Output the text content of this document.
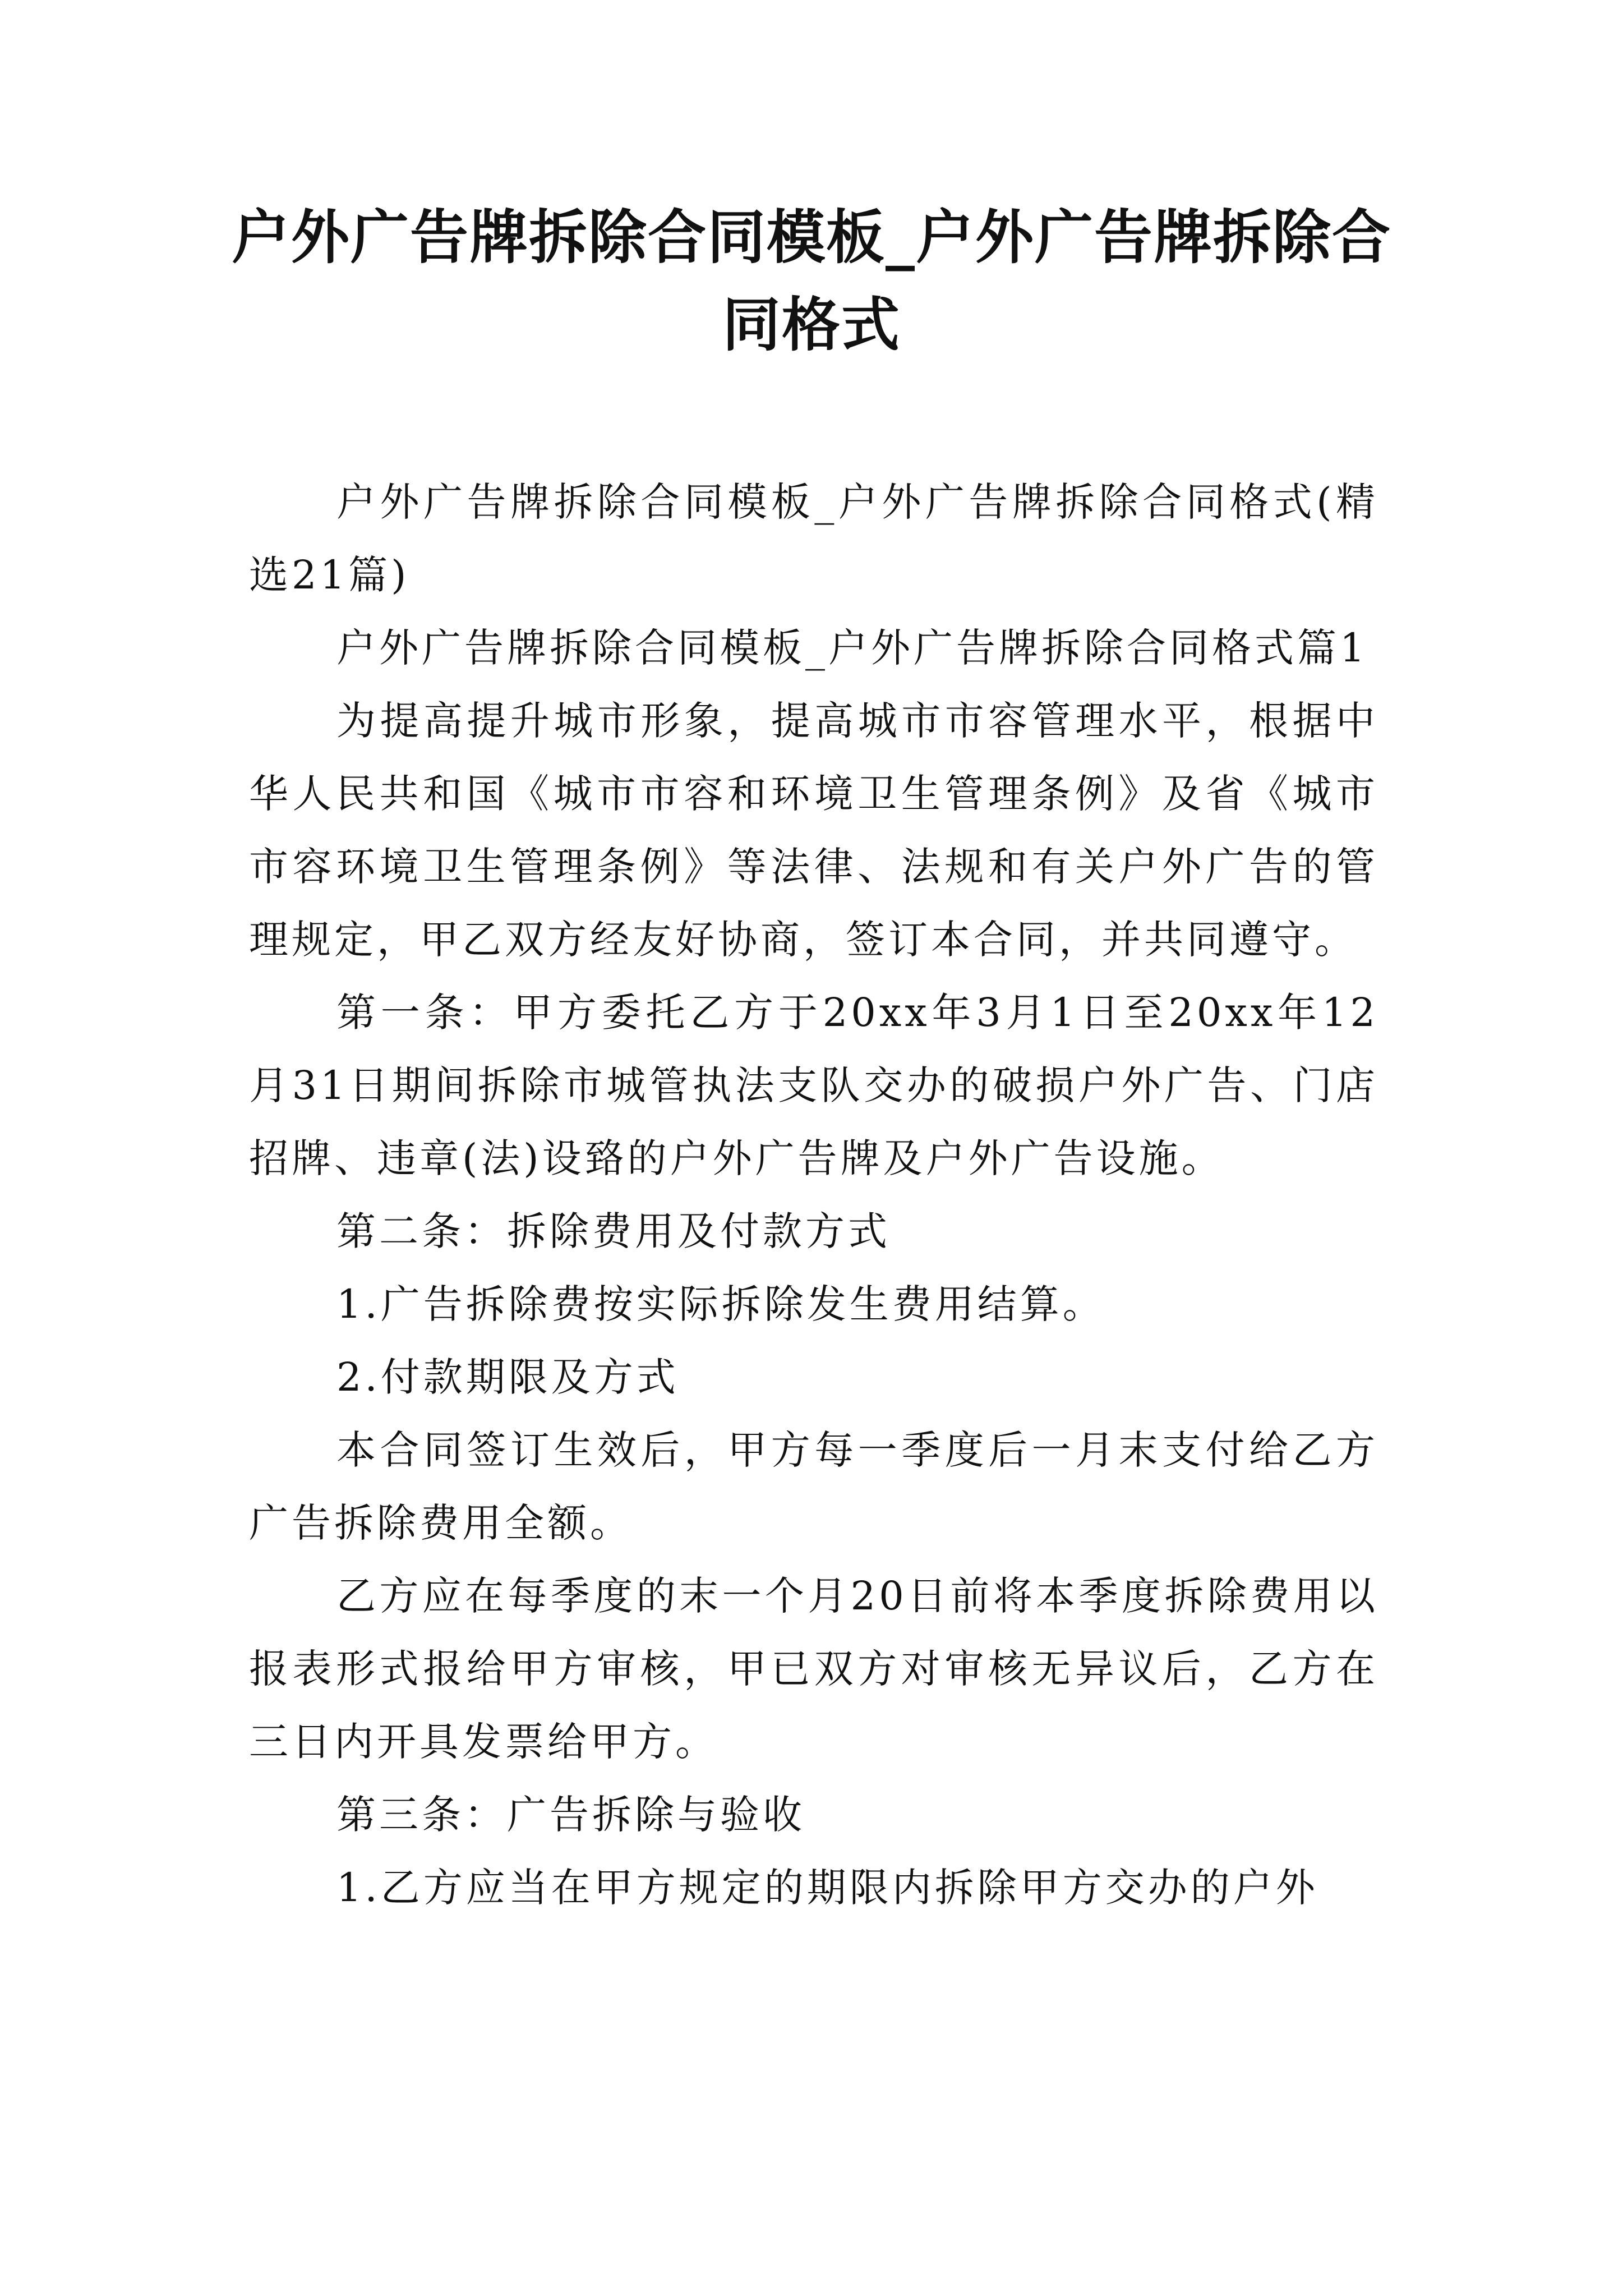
户外广告牌拆除合同模板_户外广告牌拆除合同格式

户外广告牌拆除合同模板_户外广告牌拆除合同格式(精选21篇)

户外广告牌拆除合同模板_户外广告牌拆除合同格式篇1

为提高提升城市形象，提高城市市容管理水平，根据中华人民共和国《城市市容和环境卫生管理条例》及省《城市市容环境卫生管理条例》等法律、法规和有关户外广告的管理规定，甲乙双方经友好协商，签订本合同，并共同遵守。

第一条：甲方委托乙方于20xx年3月1日至20xx年12月31日期间拆除市城管执法支队交办的破损户外广告、门店招牌、违章(法)设臵的户外广告牌及户外广告设施。

第二条：拆除费用及付款方式

1.广告拆除费按实际拆除发生费用结算。

2.付款期限及方式

本合同签订生效后，甲方每一季度后一月末支付给乙方广告拆除费用全额。

乙方应在每季度的末一个月20日前将本季度拆除费用以报表形式报给甲方审核，甲已双方对审核无异议后，乙方在三日内开具发票给甲方。

第三条：广告拆除与验收

1.乙方应当在甲方规定的期限内拆除甲方交办的户外
